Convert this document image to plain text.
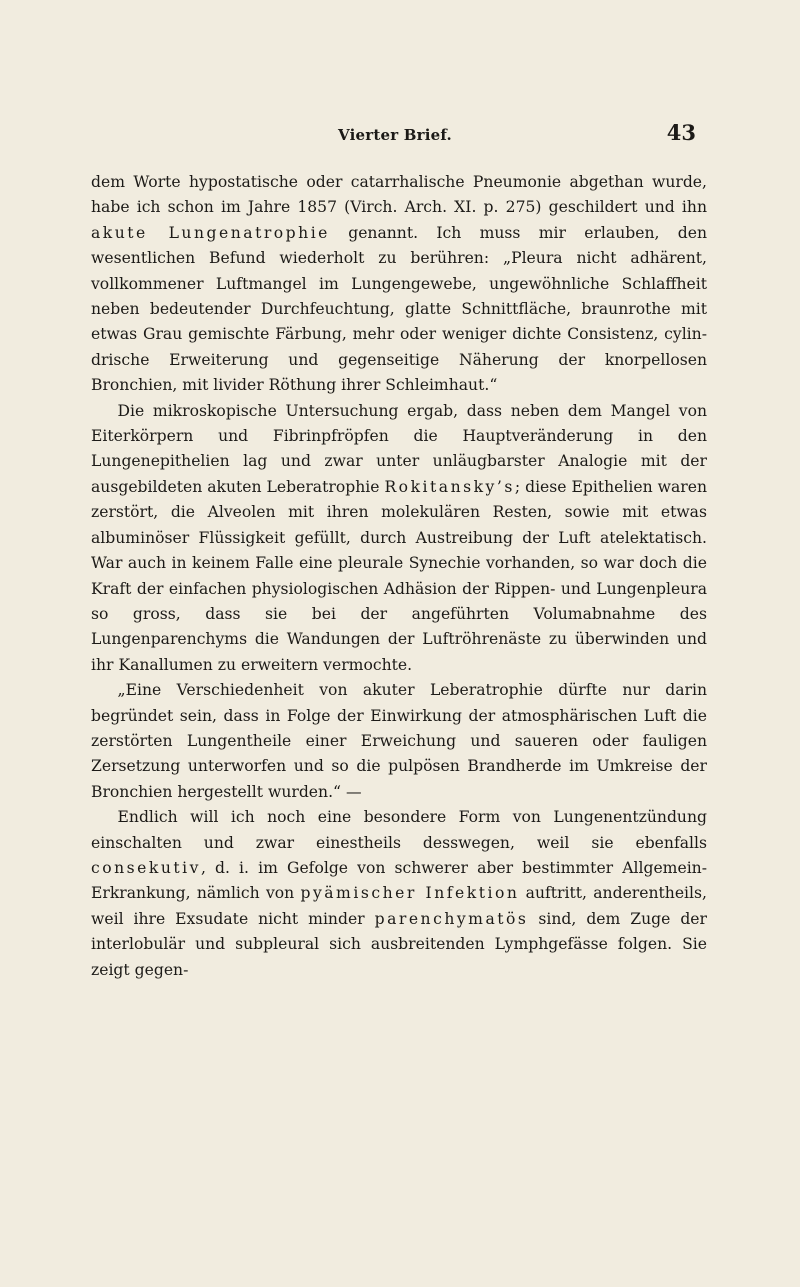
Vierter Brief.	43

dem Worte hypostatische oder catarrhalische Pneumonie abgethan wurde, habe ich schon im Jahre 1857 (Virch. Arch. XI. p. 275) geschildert und ihn akute Lungenatrophie genannt. Ich muss mir erlauben, den wesentlichen Befund wiederholt zu berühren: „Pleura nicht adhärent, vollkommener Luftmangel im Lungengewebe, ungewöhnliche Schlaffheit neben bedeutender Durchfeuchtung, glatte Schnittfläche, braunrothe mit etwas Grau gemischte Färbung, mehr oder weniger dichte Consistenz, cylindrische Erweiterung und gegenseitige Näherung der knorpellosen Bronchien, mit livider Röthung ihrer Schleimhaut.“

Die mikroskopische Untersuchung ergab, dass neben dem Mangel von Eiterkörpern und Fibrinpfröpfen die Hauptveränderung in den Lungenepithelien lag und zwar unter unläugbarster Analogie mit der ausgebildeten akuten Leberatrophie Rokitansky’s; diese Epithelien waren zerstört, die Alveolen mit ihren molekulären Resten, sowie mit etwas albuminöser Flüssigkeit gefüllt, durch Austreibung der Luft atelektatisch. War auch in keinem Falle eine pleurale Synechie vorhanden, so war doch die Kraft der einfachen physiologischen Adhäsion der Rippen- und Lungenpleura so gross, dass sie bei der angeführten Volumabnahme des Lungenparenchyms die Wandungen der Luftröhrenäste zu überwinden und ihr Kanallumen zu erweitern vermochte.

„Eine Verschiedenheit von akuter Leberatrophie dürfte nur darin begründet sein, dass in Folge der Einwirkung der atmosphärischen Luft die zerstörten Lungentheile einer Erweichung und saueren oder fauligen Zersetzung unterworfen und so die pulpösen Brandherde im Umkreise der Bronchien hergestellt wurden.“ —

Endlich will ich noch eine besondere Form von Lungenentzündung einschalten und zwar einestheils desswegen, weil sie ebenfalls consekutiv, d. i. im Gefolge von schwerer aber bestimmter Allgemein-Erkrankung, nämlich von pyämischer Infektion auftritt, anderentheils, weil ihre Exsudate nicht minder parenchymatös sind, dem Zuge der interlobulär und subpleural sich ausbreitenden Lymphgefässe folgen. Sie zeigt gegen-
